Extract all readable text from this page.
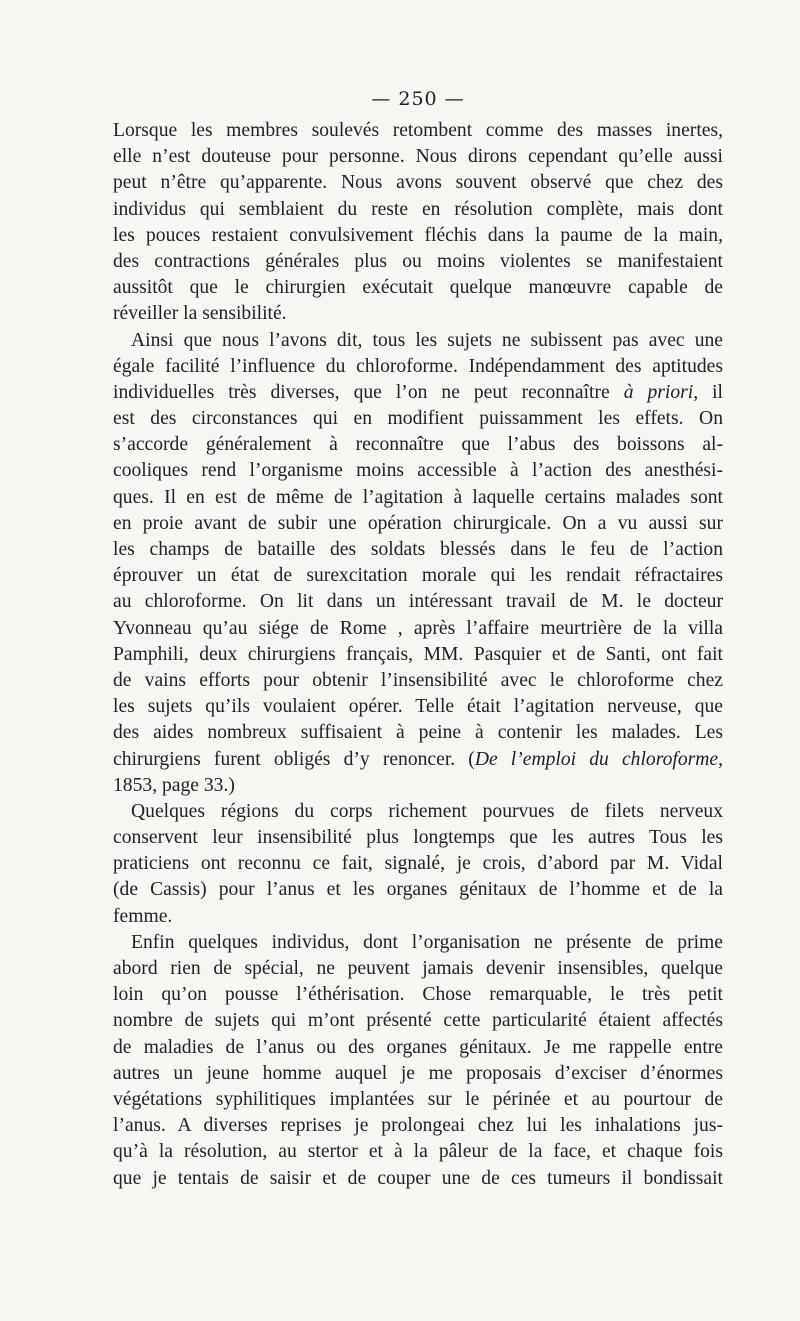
— 250 —
Lorsque les membres soulevés retombent comme des masses inertes,
elle n’est douteuse pour personne. Nous dirons cependant qu’elle aussi
peut n’être qu’apparente. Nous avons souvent observé que chez des
individus qui semblaient du reste en résolution complète, mais dont
les pouces restaient convulsivement fléchis dans la paume de la main,
des contractions générales plus ou moins violentes se manifestaient
aussitôt que le chirurgien exécutait quelque manœuvre capable de
réveiller la sensibilité.
Ainsi que nous l’avons dit, tous les sujets ne subissent pas avec une
égale facilité l’influence du chloroforme. Indépendamment des aptitudes
individuelles très diverses, que l’on ne peut reconnaître à priori, il
est des circonstances qui en modifient puissamment les effets. On
s’accorde généralement à reconnaître que l’abus des boissons al-
cooliques rend l’organisme moins accessible à l’action des anesthési-
ques. Il en est de même de l’agitation à laquelle certains malades sont
en proie avant de subir une opération chirurgicale. On a vu aussi sur
les champs de bataille des soldats blessés dans le feu de l’action
éprouver un état de surexcitation morale qui les rendait réfractaires
au chloroforme. On lit dans un intéressant travail de M. le docteur
Yvonneau qu’au siége de Rome , après l’affaire meurtrière de la villa
Pamphili, deux chirurgiens français, MM. Pasquier et de Santi, ont fait
de vains efforts pour obtenir l’insensibilité avec le chloroforme chez
les sujets qu’ils voulaient opérer. Telle était l’agitation nerveuse, que
des aides nombreux suffisaient à peine à contenir les malades. Les
chirurgiens furent obligés d’y renoncer. (De l’emploi du chloroforme,
1853, page 33.)
Quelques régions du corps richement pourvues de filets nerveux
conservent leur insensibilité plus longtemps que les autres Tous les
praticiens ont reconnu ce fait, signalé, je crois, d’abord par M. Vidal
(de Cassis) pour l’anus et les organes génitaux de l’homme et de la
femme.
Enfin quelques individus, dont l’organisation ne présente de prime
abord rien de spécial, ne peuvent jamais devenir insensibles, quelque
loin qu’on pousse l’éthérisation. Chose remarquable, le très petit
nombre de sujets qui m’ont présenté cette particularité étaient affectés
de maladies de l’anus ou des organes génitaux. Je me rappelle entre
autres un jeune homme auquel je me proposais d’exciser d’énormes
végétations syphilitiques implantées sur le périnée et au pourtour de
l’anus. A diverses reprises je prolongeai chez lui les inhalations jus-
qu’à la résolution, au stertor et à la pâleur de la face, et chaque fois
que je tentais de saisir et de couper une de ces tumeurs il bondissait
